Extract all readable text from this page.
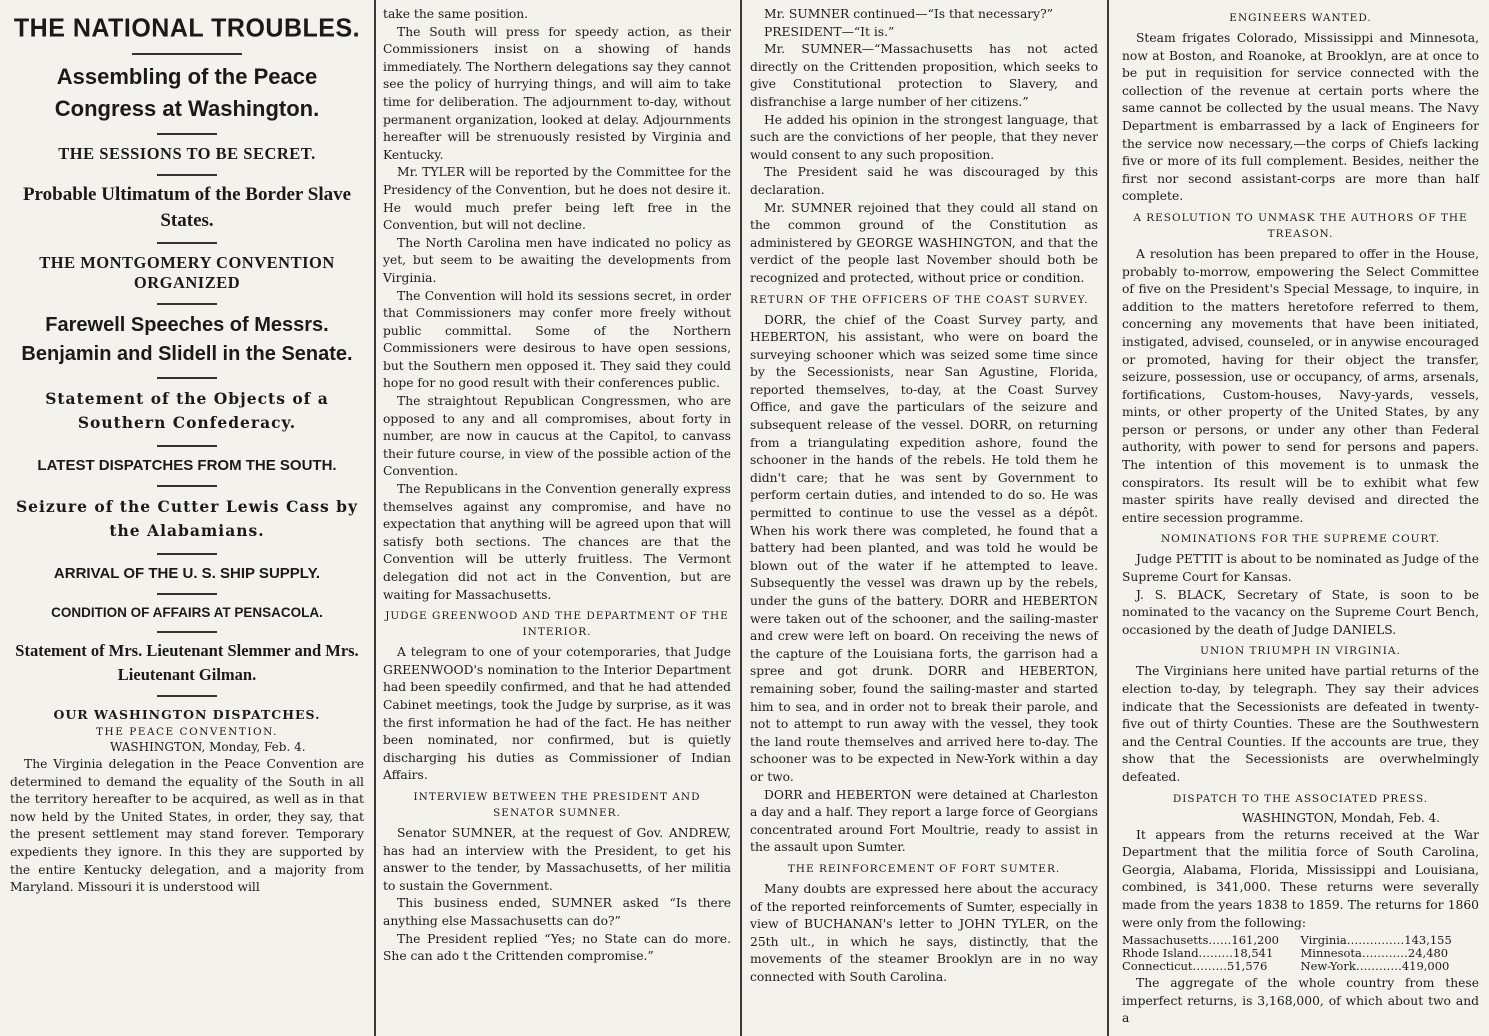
THE NATIONAL TROUBLES.
Assembling of the Peace Congress at Washington.
THE SESSIONS TO BE SECRET.
Probable Ultimatum of the Border Slave States.
THE MONTGOMERY CONVENTION ORGANIZED
Farewell Speeches of Messrs. Benjamin and Slidell in the Senate.
Statement of the Objects of a Southern Confederacy.
LATEST DISPATCHES FROM THE SOUTH.
Seizure of the Cutter Lewis Cass by the Alabamians.
ARRIVAL OF THE U. S. SHIP SUPPLY.
CONDITION OF AFFAIRS AT PENSACOLA.
Statement of Mrs. Lieutenant Slemmer and Mrs. Lieutenant Gilman.
OUR WASHINGTON DISPATCHES.
THE PEACE CONVENTION.
WASHINGTON, Monday, Feb. 4.

The Virginia delegation in the Peace Convention are determined to demand the equality of the South in all the territory hereafter to be acquired, as well as in that now held by the United States, in order, they say, that the present settlement may stand forever. Temporary expedients they ignore. In this they are supported by the entire Kentucky delegation, and a majority from Maryland. Missouri it is understood will

take the same position.

The South will press for speedy action, as their Commissioners insist on a showing of hands immediately. The Northern delegations say they cannot see the policy of hurrying things, and will aim to take time for deliberation. The adjournment to-day, without permanent organization, looked at delay. Adjournments hereafter will be strenuously resisted by Virginia and Kentucky.

Mr. TYLER will be reported by the Committee for the Presidency of the Convention, but he does not desire it. He would much prefer being left free in the Convention, but will not decline.

The North Carolina men have indicated no policy as yet, but seem to be awaiting the developments from Virginia.

The Convention will hold its sessions secret, in order that Commissioners may confer more freely without public committal. Some of the Northern Commissioners were desirous to have open sessions, but the Southern men opposed it. They said they could hope for no good result with their conferences public.

The straightout Republican Congressmen, who are opposed to any and all compromises, about forty in number, are now in caucus at the Capitol, to canvass their future course, in view of the possible action of the Convention.

The Republicans in the Convention generally express themselves against any compromise, and have no expectation that anything will be agreed upon that will satisfy both sections. The chances are that the Convention will be utterly fruitless. The Vermont delegation did not act in the Convention, but are waiting for Massachusetts.

JUDGE GREENWOOD AND THE DEPARTMENT OF THE INTERIOR.

A telegram to one of your cotemporaries, that Judge GREENWOOD's nomination to the Interior Department had been speedily confirmed, and that he had attended Cabinet meetings, took the Judge by surprise, as it was the first information he had of the fact. He has neither been nominated, nor confirmed, but is quietly discharging his duties as Commissioner of Indian Affairs.

INTERVIEW BETWEEN THE PRESIDENT AND SENATOR SUMNER.

Senator SUMNER, at the request of Gov. ANDREW, has had an interview with the President, to get his answer to the tender, by Massachusetts, of her militia to sustain the Government.

This business ended, SUMNER asked “Is there anything else Massachusetts can do?”

The President replied “Yes; no State can do more. She can ado t the Crittenden compromise.”

Mr. SUMNER continued—“Is that necessary?”

PRESIDENT—“It is.”

Mr. SUMNER—“Massachusetts has not acted directly on the Crittenden proposition, which seeks to give Constitutional protection to Slavery, and disfranchise a large number of her citizens.”

He added his opinion in the strongest language, that such are the convictions of her people, that they never would consent to any such proposition.

The President said he was discouraged by this declaration.

Mr. SUMNER rejoined that they could all stand on the common ground of the Constitution as administered by GEORGE WASHINGTON, and that the verdict of the people last November should both be recognized and protected, without price or condition.

RETURN OF THE OFFICERS OF THE COAST SURVEY.

DORR, the chief of the Coast Survey party, and HEBERTON, his assistant, who were on board the surveying schooner which was seized some time since by the Secessionists, near San Agustine, Florida, reported themselves, to-day, at the Coast Survey Office, and gave the particulars of the seizure and subsequent release of the vessel. DORR, on returning from a triangulating expedition ashore, found the schooner in the hands of the rebels. He told them he didn't care; that he was sent by Government to perform certain duties, and intended to do so. He was permitted to continue to use the vessel as a dépôt. When his work there was completed, he found that a battery had been planted, and was told he would be blown out of the water if he attempted to leave. Subsequently the vessel was drawn up by the rebels, under the guns of the battery. DORR and HEBERTON were taken out of the schooner, and the sailing-master and crew were left on board. On receiving the news of the capture of the Louisiana forts, the garrison had a spree and got drunk. DORR and HEBERTON, remaining sober, found the sailing-master and started him to sea, and in order not to break their parole, and not to attempt to run away with the vessel, they took the land route themselves and arrived here to-day. The schooner was to be expected in New-York within a day or two.

DORR and HEBERTON were detained at Charleston a day and a half. They report a large force of Georgians concentrated around Fort Moultrie, ready to assist in the assault upon Sumter.

THE REINFORCEMENT OF FORT SUMTER.

Many doubts are expressed here about the accuracy of the reported reinforcements of Sumter, especially in view of BUCHANAN's letter to JOHN TYLER, on the 25th ult., in which he says, distinctly, that the movements of the steamer Brooklyn are in no way connected with South Carolina.

ENGINEERS WANTED.

Steam frigates Colorado, Mississippi and Minnesota, now at Boston, and Roanoke, at Brooklyn, are at once to be put in requisition for service connected with the collection of the revenue at certain ports where the same cannot be collected by the usual means. The Navy Department is embarrassed by a lack of Engineers for the service now necessary,—the corps of Chiefs lacking five or more of its full complement. Besides, neither the first nor second assistant-corps are more than half complete.

A RESOLUTION TO UNMASK THE AUTHORS OF THE TREASON.

A resolution has been prepared to offer in the House, probably to-morrow, empowering the Select Committee of five on the President's Special Message, to inquire, in addition to the matters heretofore referred to them, concerning any movements that have been initiated, instigated, advised, counseled, or in anywise encouraged or promoted, having for their object the transfer, seizure, possession, use or occupancy, of arms, arsenals, fortifications, Custom-houses, Navy-yards, vessels, mints, or other property of the United States, by any person or persons, or under any other than Federal authority, with power to send for persons and papers. The intention of this movement is to unmask the conspirators. Its result will be to exhibit what few master spirits have really devised and directed the entire secession programme.

NOMINATIONS FOR THE SUPREME COURT.

Judge PETTIT is about to be nominated as Judge of the Supreme Court for Kansas.

J. S. BLACK, Secretary of State, is soon to be nominated to the vacancy on the Supreme Court Bench, occasioned by the death of Judge DANIELS.

UNION TRIUMPH IN VIRGINIA.

The Virginians here united have partial returns of the election to-day, by telegraph. They say their advices indicate that the Secessionists are defeated in twenty-five out of thirty Counties. These are the Southwestern and the Central Counties. If the accounts are true, they show that the Secessionists are overwhelmingly defeated.

DISPATCH TO THE ASSOCIATED PRESS.
WASHINGTON, Mondah, Feb. 4.

It appears from the returns received at the War Department that the militia force of South Carolina, Georgia, Alabama, Florida, Mississippi and Louisiana, combined, is 341,000. These returns were severally made from the years 1838 to 1859. The returns for 1860 were only from the following:

Massachusetts……161,200	Virginia……………143,155
Rhode Island………18,541	Minnesota…………24,480
Connecticut………51,576	New-York…………419,000

The aggregate of the whole country from these imperfect returns, is 3,168,000, of which about two and a
